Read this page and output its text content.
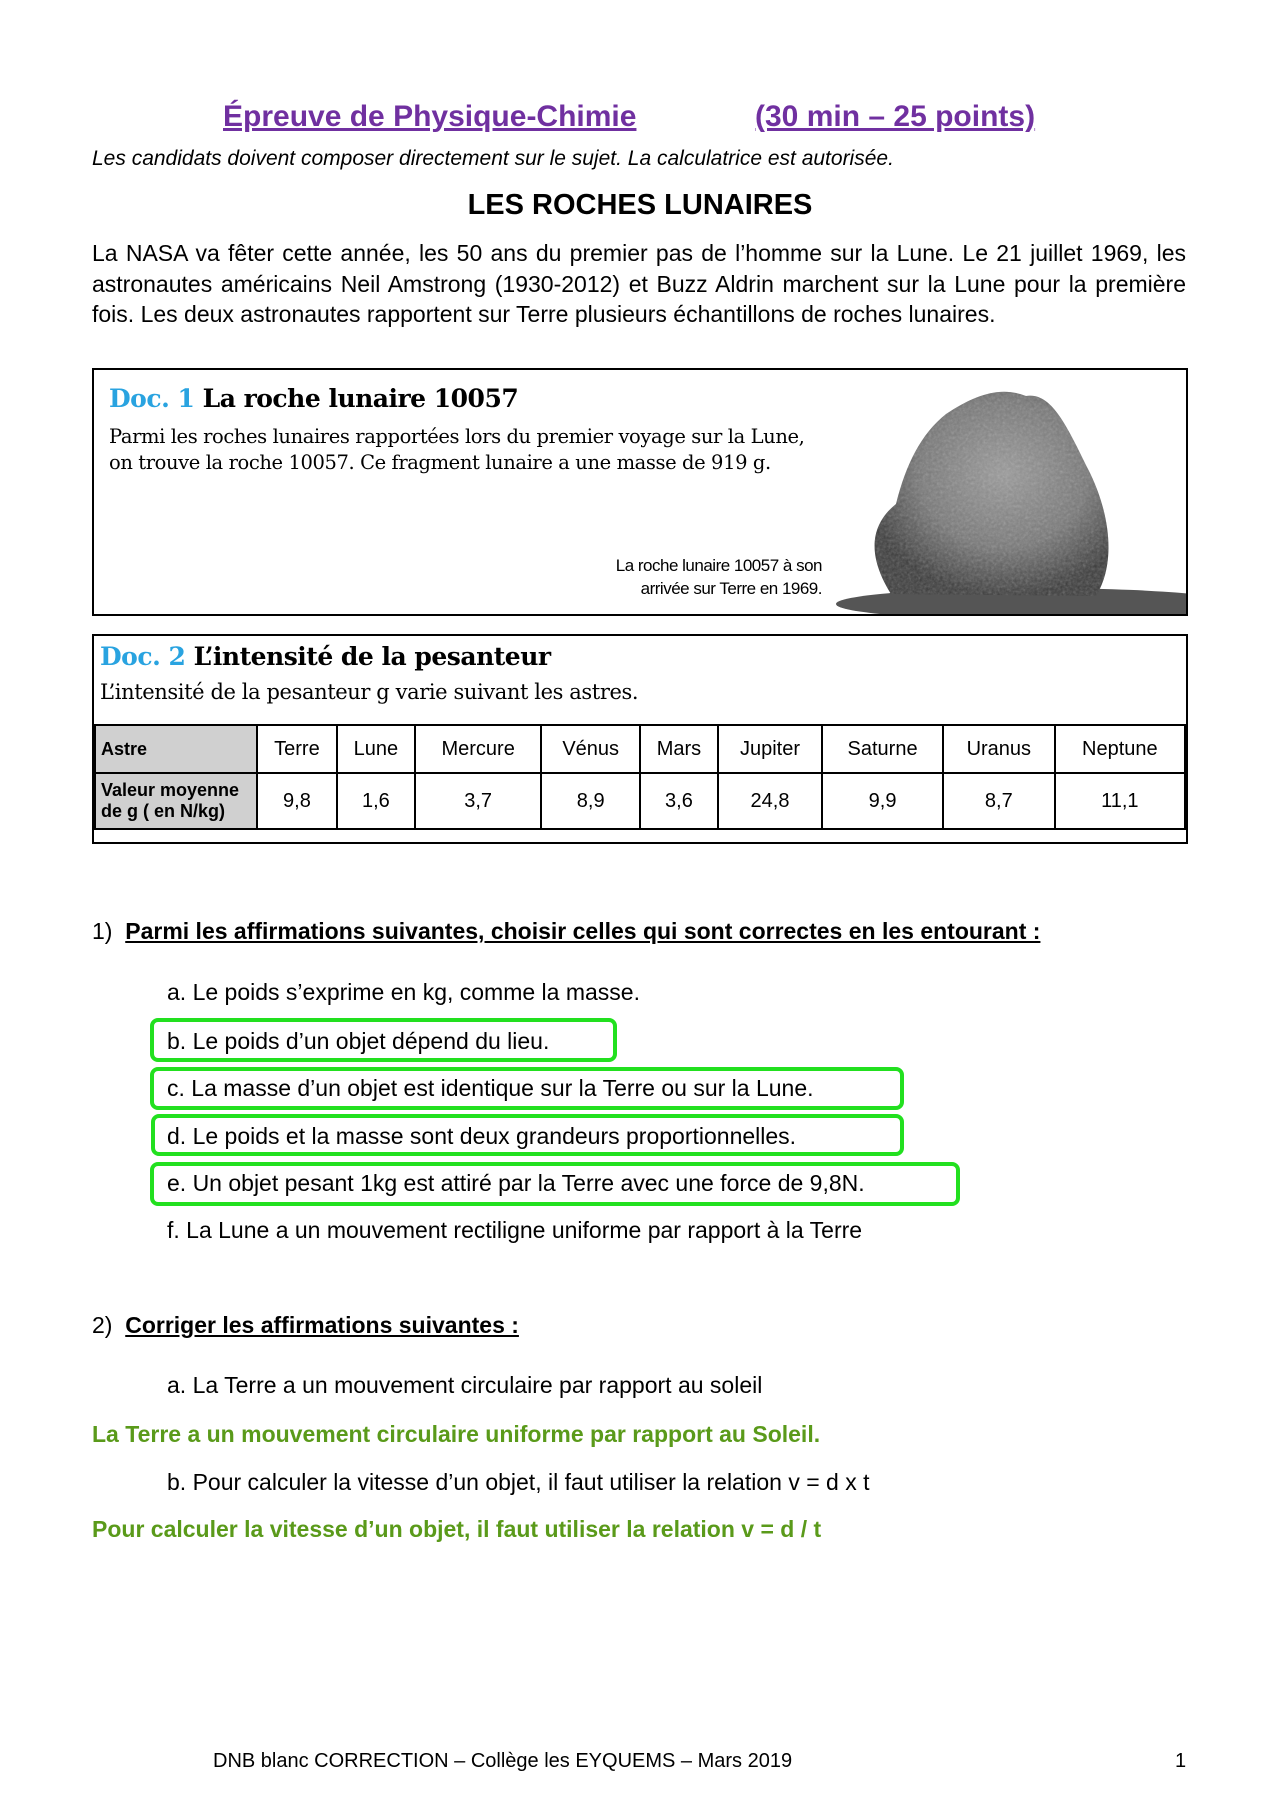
Épreuve de Physique-Chimie	(30 min – 25 points)
Les candidats doivent composer directement sur le sujet. La calculatrice est autorisée.
LES ROCHES LUNAIRES
La NASA va fêter cette année, les 50 ans du premier pas de l’homme sur la Lune. Le 21 juillet 1969, les astronautes américains Neil Amstrong (1930-2012) et Buzz Aldrin marchent sur la Lune pour la première fois. Les deux astronautes rapportent sur Terre plusieurs échantillons de roches lunaires.
Doc. 1 La roche lunaire 10057
Parmi les roches lunaires rapportées lors du premier voyage sur la Lune,
on trouve la roche 10057. Ce fragment lunaire a une masse de 919 g.
La roche lunaire 10057 à son
arrivée sur Terre en 1969.
Doc. 2 L’intensité de la pesanteur
L’intensité de la pesanteur g varie suivant les astres.
Astre	Terre	Lune	Mercure	Vénus	Mars	Jupiter	Saturne	Uranus	Neptune

Valeur moyenne
de g ( en N/kg)	9,8	1,6	3,7	8,9	3,6	24,8	9,9	8,7	11,1
1) Parmi les affirmations suivantes, choisir celles qui sont correctes en les entourant :
a. Le poids s’exprime en kg, comme la masse.
b. Le poids d’un objet dépend du lieu.
c. La masse d’un objet est identique sur la Terre ou sur la Lune.
d. Le poids et la masse sont deux grandeurs proportionnelles.
e. Un objet pesant 1kg est attiré par la Terre avec une force de 9,8N.
f. La Lune a un mouvement rectiligne uniforme par rapport à la Terre
2) Corriger les affirmations suivantes :
a. La Terre a un mouvement circulaire par rapport au soleil
La Terre a un mouvement circulaire uniforme par rapport au Soleil.
b. Pour calculer la vitesse d’un objet, il faut utiliser la relation v = d x t
Pour calculer la vitesse d’un objet, il faut utiliser la relation v = d / t
DNB blanc CORRECTION – Collège les EYQUEMS – Mars 2019	1
